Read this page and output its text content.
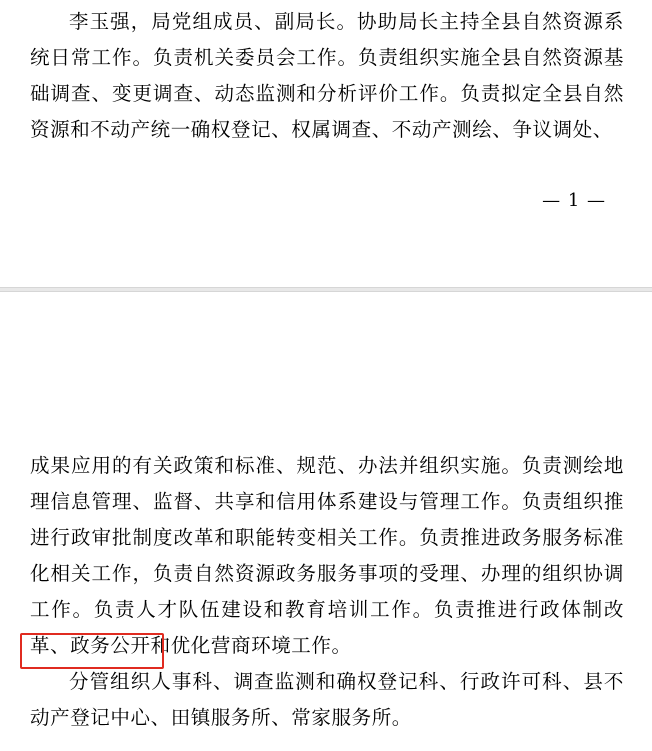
李玉强，局党组成员、副局长。协助局长主持全县自然资源系统日常工作。负责机关委员会工作。负责组织实施全县自然资源基础调查、变更调查、动态监测和分析评价工作。负责拟定全县自然资源和不动产统一确权登记、权属调查、不动产测绘、争议调处、
— 1 —
成果应用的有关政策和标准、规范、办法并组织实施。负责测绘地理信息管理、监督、共享和信用体系建设与管理工作。负责组织推进行政审批制度改革和职能转变相关工作。负责推进政务服务标准化相关工作，负责自然资源政务服务事项的受理、办理的组织协调工作。负责人才队伍建设和教育培训工作。负责推进行政体制改革、政务公开和优化营商环境工作。
分管组织人事科、调查监测和确权登记科、行政许可科、县不动产登记中心、田镇服务所、常家服务所。
